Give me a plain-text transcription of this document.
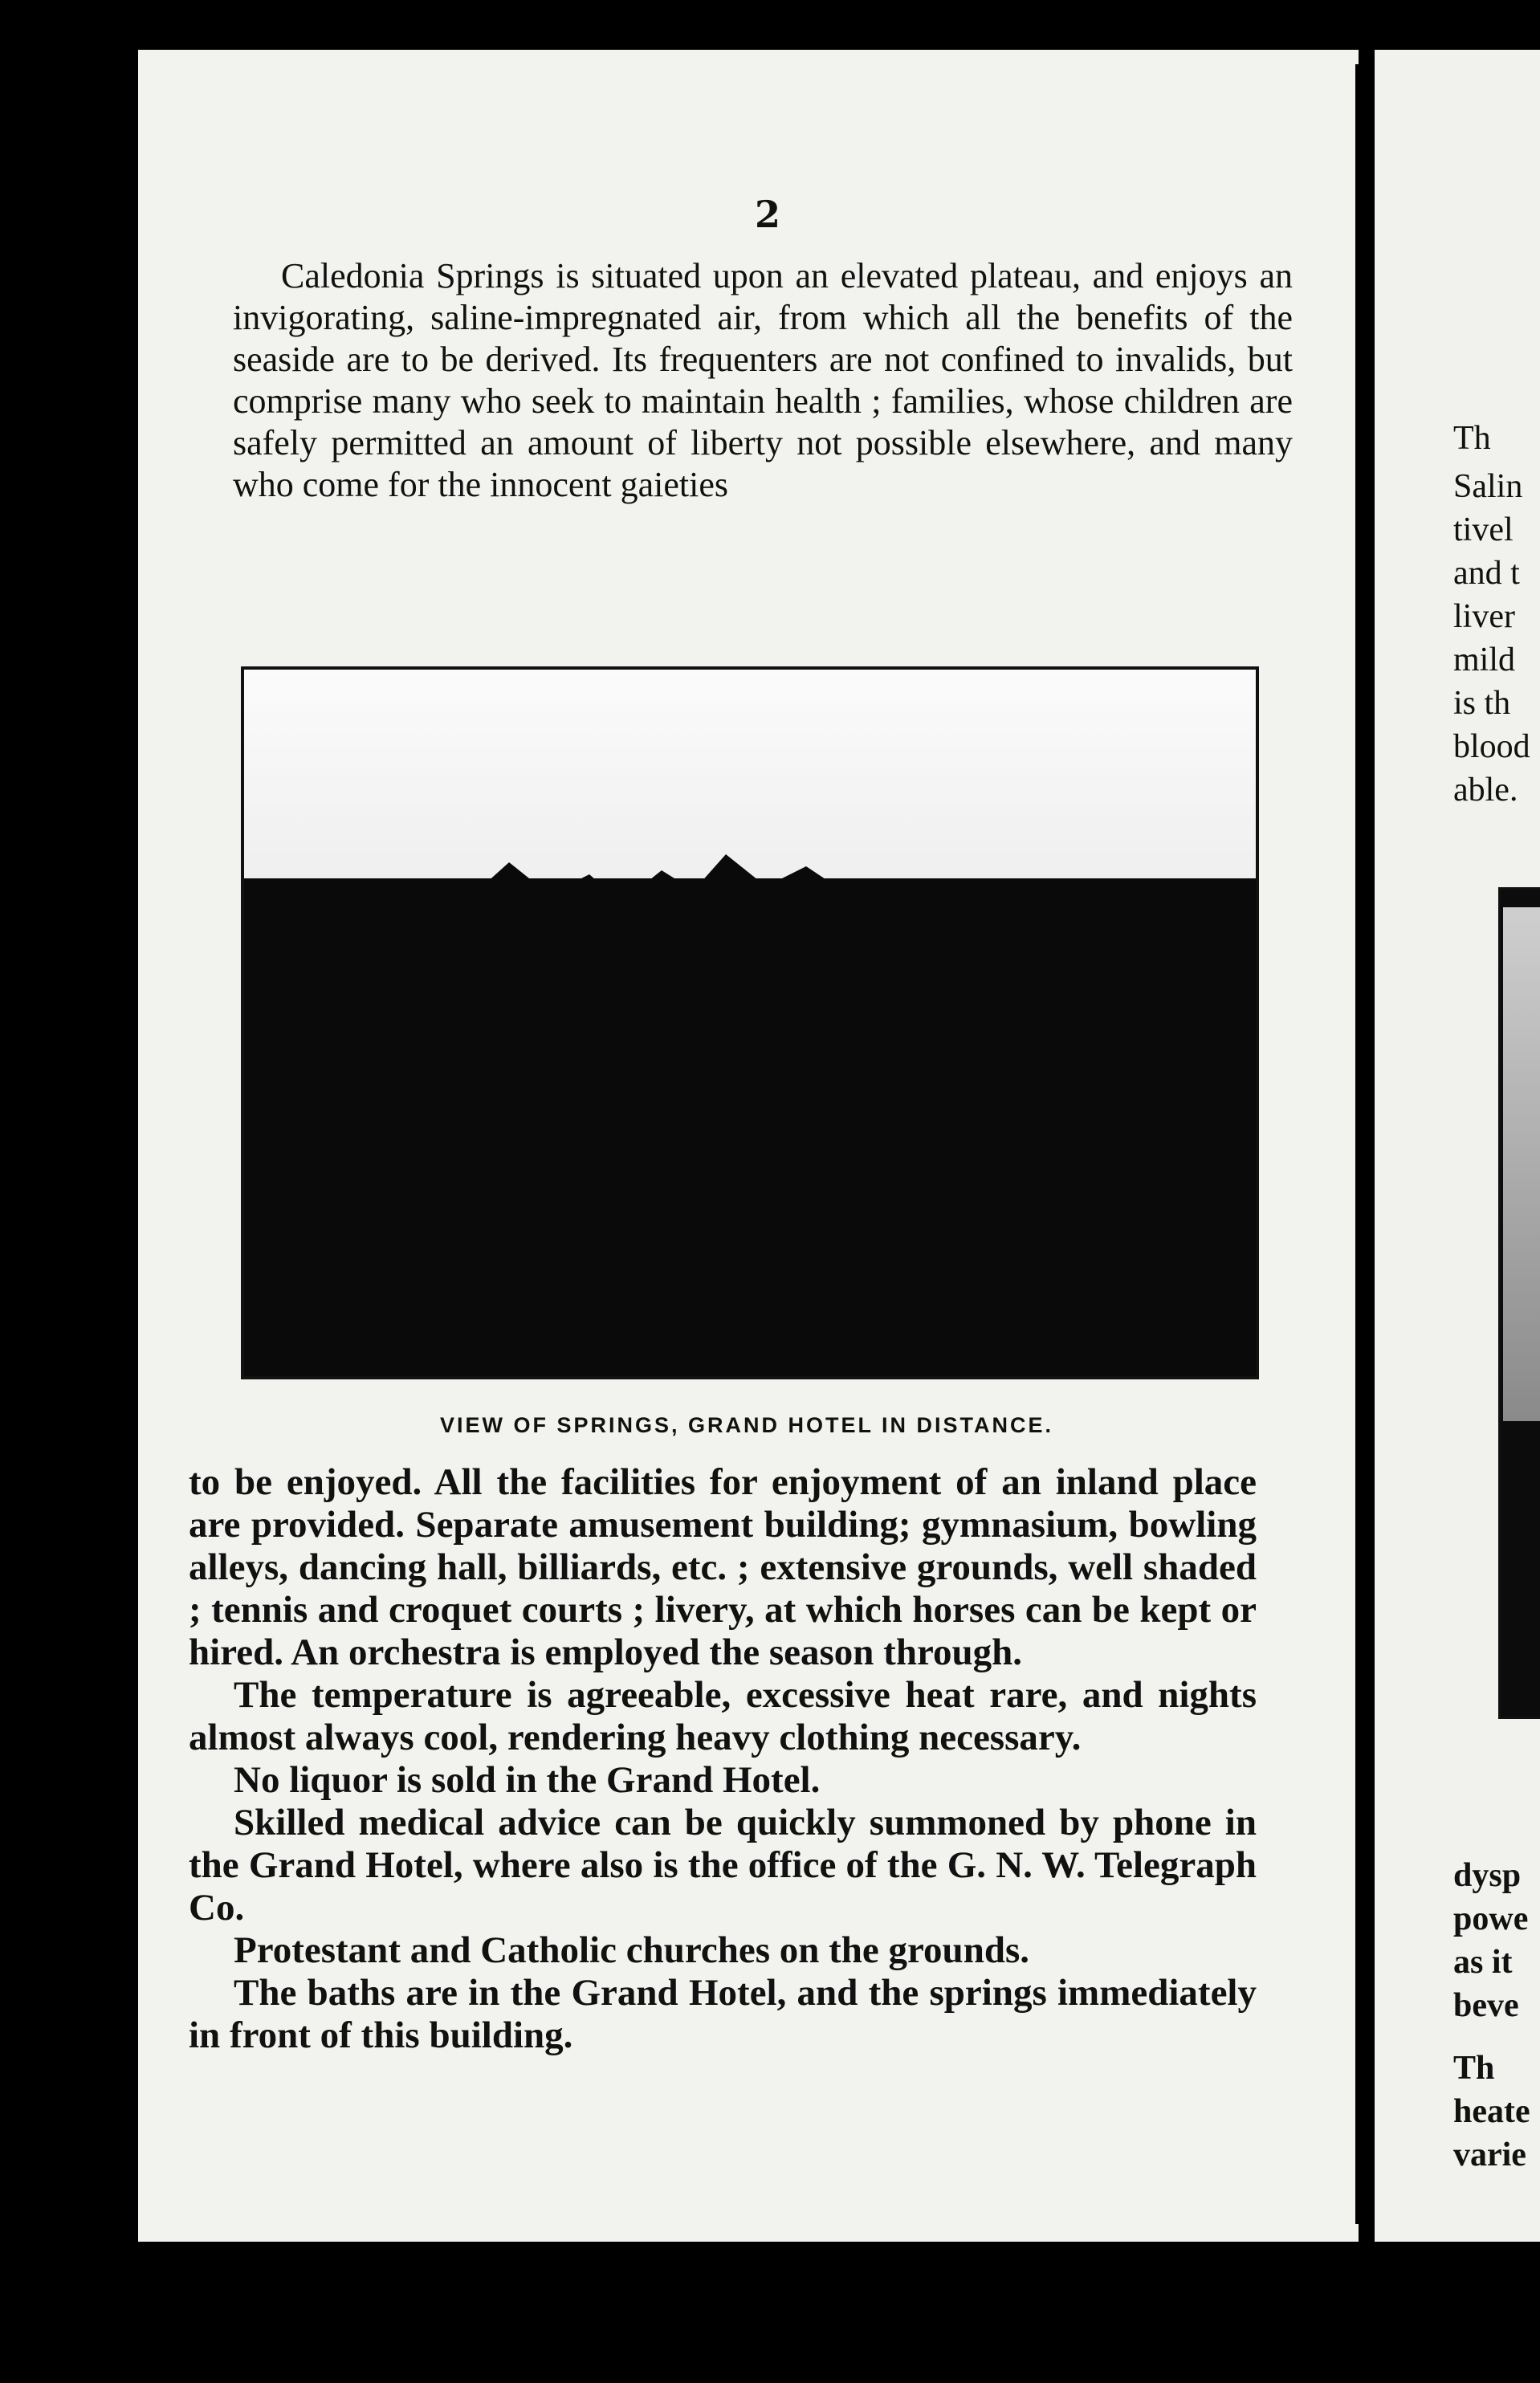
2

Caledonia Springs is situated upon an elevated plateau, and enjoys an invigorating, saline-impregnated air, from which all the benefits of the seaside are to be derived. Its frequenters are not confined to invalids, but comprise many who seek to maintain health ; families, whose children are safely permitted an amount of liberty not possible elsewhere, and many who come for the innocent gaieties

VIEW OF SPRINGS, GRAND HOTEL IN DISTANCE.

to be enjoyed. All the facilities for enjoyment of an inland place are provided. Separate amusement building; gymnasium, bowling alleys, dancing hall, billiards, etc. ; extensive grounds, well shaded ; tennis and croquet courts ; livery, at which horses can be kept or hired. An orchestra is employed the season through.

The temperature is agreeable, excessive heat rare, and nights almost always cool, rendering heavy clothing necessary.

No liquor is sold in the Grand Hotel.

Skilled medical advice can be quickly summoned by phone in the Grand Hotel, where also is the office of the G. N. W. Telegraph Co.

Protestant and Catholic churches on the grounds.

The baths are in the Grand Hotel, and the springs immediately in front of this building.

Th
Salin
tivel
and t
liver
mild
is th
blood
able.
dysp
powe
as it
beve
Th
heate
varie
